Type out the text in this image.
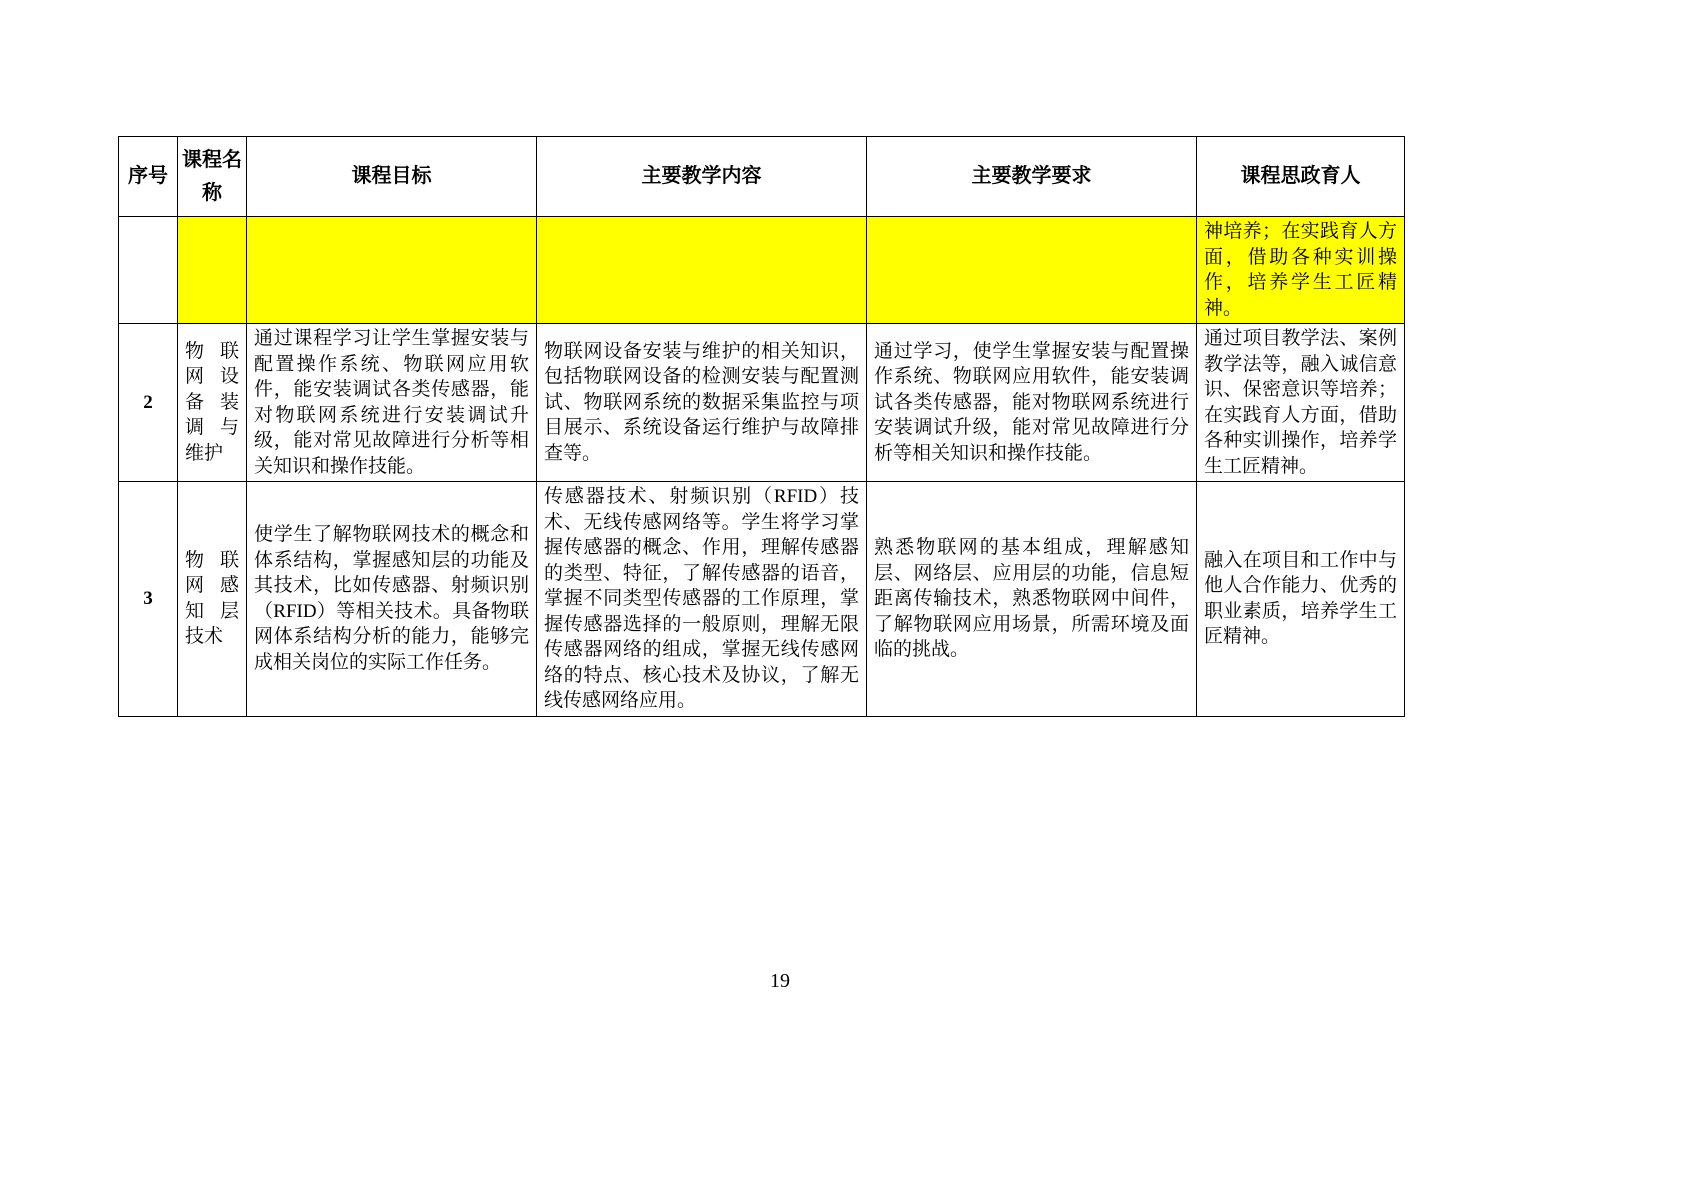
序号	课程名称	课程目标	主要教学内容	主要教学要求	课程思政育人
					神培养；在实践育人方面，借助各种实训操作，培养学生工匠精神。
2	物联网设备装调与维护	通过课程学习让学生掌握安装与配置操作系统、物联网应用软件，能安装调试各类传感器，能对物联网系统进行安装调试升级，能对常见故障进行分析等相关知识和操作技能。	物联网设备安装与维护的相关知识，包括物联网设备的检测安装与配置测试、物联网系统的数据采集监控与项目展示、系统设备运行维护与故障排查等。	通过学习，使学生掌握安装与配置操作系统、物联网应用软件，能安装调试各类传感器，能对物联网系统进行安装调试升级，能对常见故障进行分析等相关知识和操作技能。	通过项目教学法、案例教学法等，融入诚信意识、保密意识等培养；在实践育人方面，借助各种实训操作，培养学生工匠精神。
3	物联网感知层技术	使学生了解物联网技术的概念和体系结构，掌握感知层的功能及其技术，比如传感器、射频识别（RFID）等相关技术。具备物联网体系结构分析的能力，能够完成相关岗位的实际工作任务。	传感器技术、射频识别（RFID）技术、无线传感网络等。学生将学习掌握传感器的概念、作用，理解传感器的类型、特征，了解传感器的语音，掌握不同类型传感器的工作原理，掌握传感器选择的一般原则，理解无限传感器网络的组成，掌握无线传感网络的特点、核心技术及协议，了解无线传感网络应用。	熟悉物联网的基本组成，理解感知层、网络层、应用层的功能，信息短距离传输技术，熟悉物联网中间件，了解物联网应用场景，所需环境及面临的挑战。	融入在项目和工作中与他人合作能力、优秀的职业素质，培养学生工匠精神。
19
